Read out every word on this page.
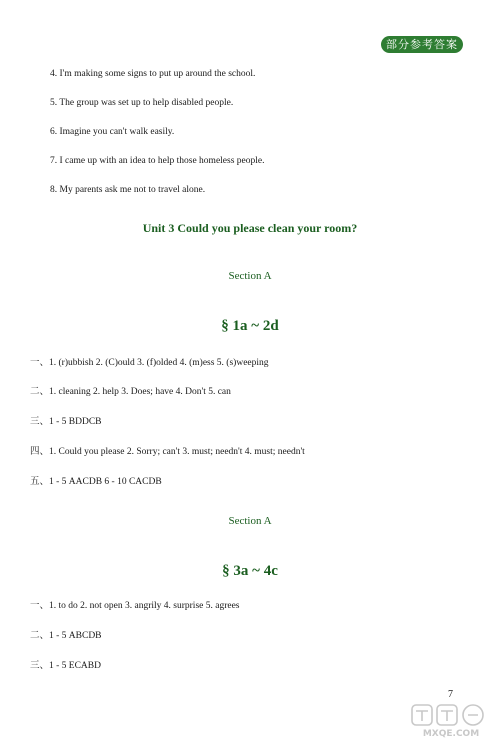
部分参考答案
4. I'm making some signs to put up around the school.
5. The group was set up to help disabled people.
6. Imagine you can't walk easily.
7. I came up with an idea to help those homeless people.
8. My parents ask me not to travel alone.
Unit 3 Could you please clean your room?
Section A
§ 1a ~ 2d
一、1. (r)ubbish 2. (C)ould 3. (f)olded 4. (m)ess 5. (s)weeping
二、1. cleaning 2. help 3. Does; have 4. Don't 5. can
三、1 - 5 BDDCB
四、1. Could you please 2. Sorry; can't 3. must; needn't 4. must; needn't
五、1 - 5 AACDB 6 - 10 CACDB
Section A
§ 3a ~ 4c
一、1. to do 2. not open 3. angrily 4. surprise 5. agrees
二、1 - 5 ABCDB
三、1 - 5 ECABD
7
MXQE.COM
